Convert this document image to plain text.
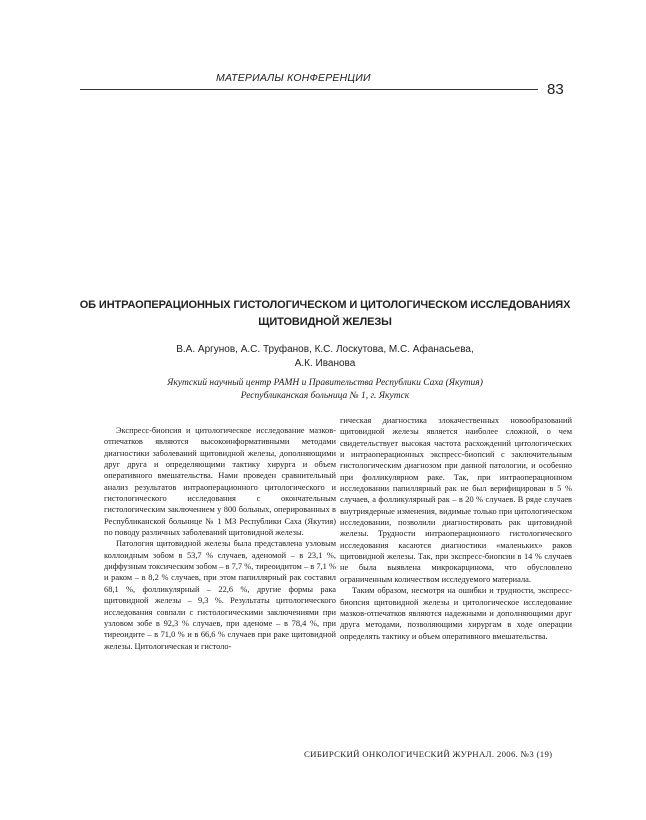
МАТЕРИАЛЫ КОНФЕРЕНЦИИ
83
ОБ ИНТРАОПЕРАЦИОННЫХ ГИСТОЛОГИЧЕСКОМ И ЦИТОЛОГИЧЕСКОМ ИССЛЕДОВАНИЯХ
ЩИТОВИДНОЙ ЖЕЛЕЗЫ
В.А. Аргунов, А.С. Труфанов, К.С. Лоскутова, М.С. Афанасьева,
А.К. Иванова
Якутский научный центр РАМН и Правительства Республики Саха (Якутия)
Республиканская больница № 1, г. Якутск

Экспресс-биопсия и цитологическое исследование мазков-отпечатков являются высокоинформативными методами диагностики заболеваний щитовидной железы, дополняющими друг друга и определяющими тактику хирурга и объем оперативного вмешательства. Нами проведен сравнительный анализ результатов интраоперационного цитологического и гистологического исследования с окончательным гистологическим заключением у 800 больных, оперированных в Республиканской больнице № 1 МЗ Республики Саха (Якутия) по поводу различных заболеваний щитовидной железы.

Патология щитовидной железы была представлена узловым коллоидным зобом в 53,7 % случаев, аденомой – в 23,1 %, диффузным токсическим зобом – в 7,7 %, тиреоидитом – в 7,1 % и раком – в 8,2 % случаев, при этом папиллярный рак составил 68,1 %, фолликулярный – 22,6 %, другие формы рака щитовидной железы – 9,3 %. Результаты цитологического исследования совпали с гистологическими заключениями при узловом зобе в 92,3 % случаев, при аденоме – в 78,4 %, при тиреоидите – в 71,0 % и в 66,6 % случаев при раке щитовидной железы. Цитологическая и гистоло-

гическая диагностика злокачественных новообразований щитовидной железы является наиболее сложной, о чем свидетельствует высокая частота расхождений цитологических и интраоперационных экспресс-биопсий с заключительным гистологическим диагнозом при данной патологии, и особенно при фолликулярном раке. Так, при интраоперационном исследовании папиллярный рак не был верифицирован в 5 % случаев, а фолликулярный рак – в 20 % случаев. В ряде случаев внутриядерные изменения, видимые только при цитологическом исследовании, позволили диагностировать рак щитовидной железы. Трудности интраоперационного гистологического исследования касаются диагностики «маленьких» раков щитовидной железы. Так, при экспресс-биопсии в 14 % случаев не была выявлена микрокарцинома, что обусловлено ограниченным количеством исследуемого материала.

Таким образом, несмотря на ошибки и трудности, экспресс-биопсия щитовидной железы и цитологическое исследование мазков-отпечатков являются надежными и дополняющими друг друга методами, позволяющими хирургам в ходе операции определять тактику и объем оперативного вмешательства.

СИБИРСКИЙ ОНКОЛОГИЧЕСКИЙ ЖУРНАЛ. 2006. №3 (19)
